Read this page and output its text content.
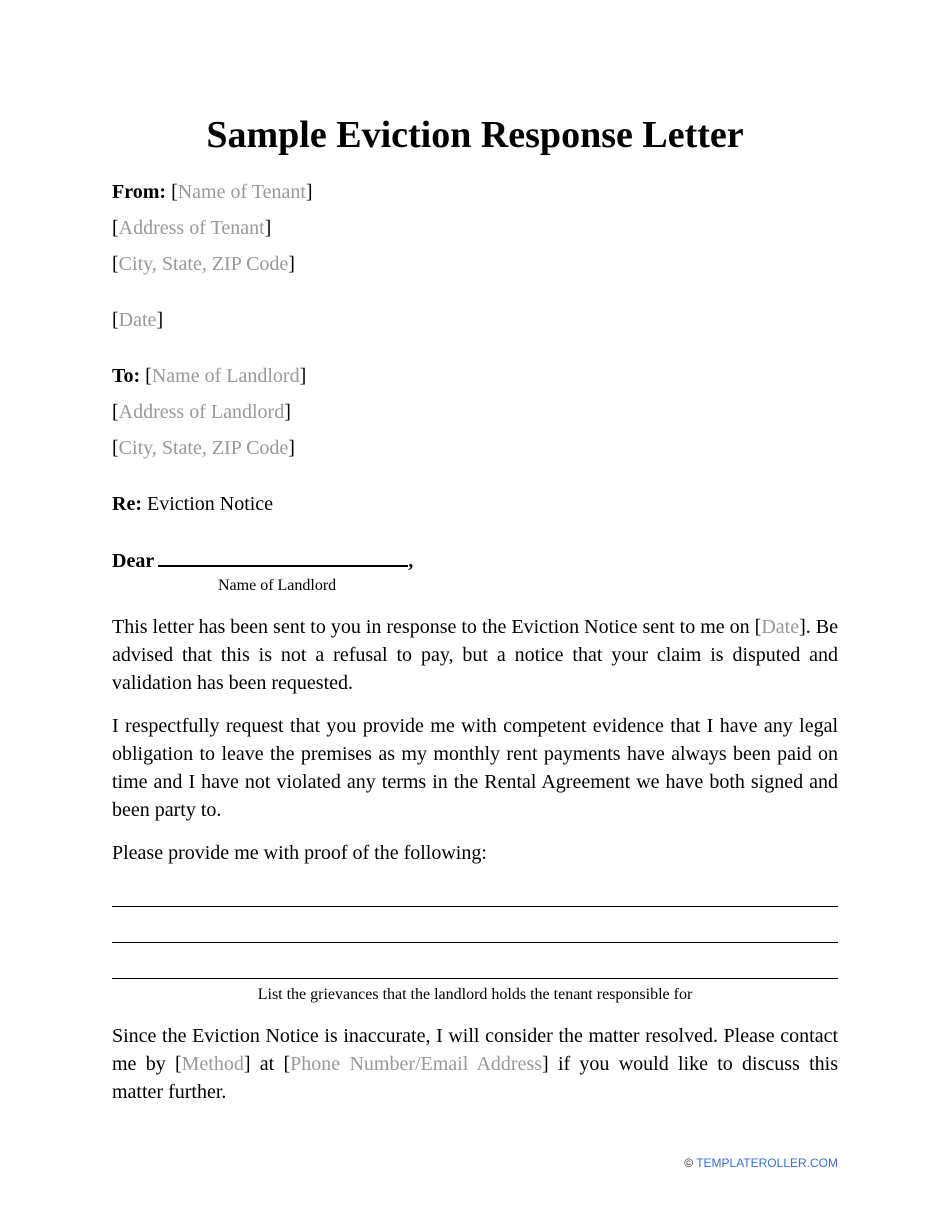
Sample Eviction Response Letter
From: [Name of Tenant]
[Address of Tenant]
[City, State, ZIP Code]
[Date]
To: [Name of Landlord]
[Address of Landlord]
[City, State, ZIP Code]
Re: Eviction Notice
Dear	,
Name of Landlord
This letter has been sent to you in response to the Eviction Notice sent to me on [Date]. Be advised that this is not a refusal to pay, but a notice that your claim is disputed and validation has been requested.
I respectfully request that you provide me with competent evidence that I have any legal obligation to leave the premises as my monthly rent payments have always been paid on time and I have not violated any terms in the Rental Agreement we have both signed and been party to.
Please provide me with proof of the following:
List the grievances that the landlord holds the tenant responsible for
Since the Eviction Notice is inaccurate, I will consider the matter resolved. Please contact me by [Method] at [Phone Number/Email Address] if you would like to discuss this matter further.
© TEMPLATEROLLER.COM
